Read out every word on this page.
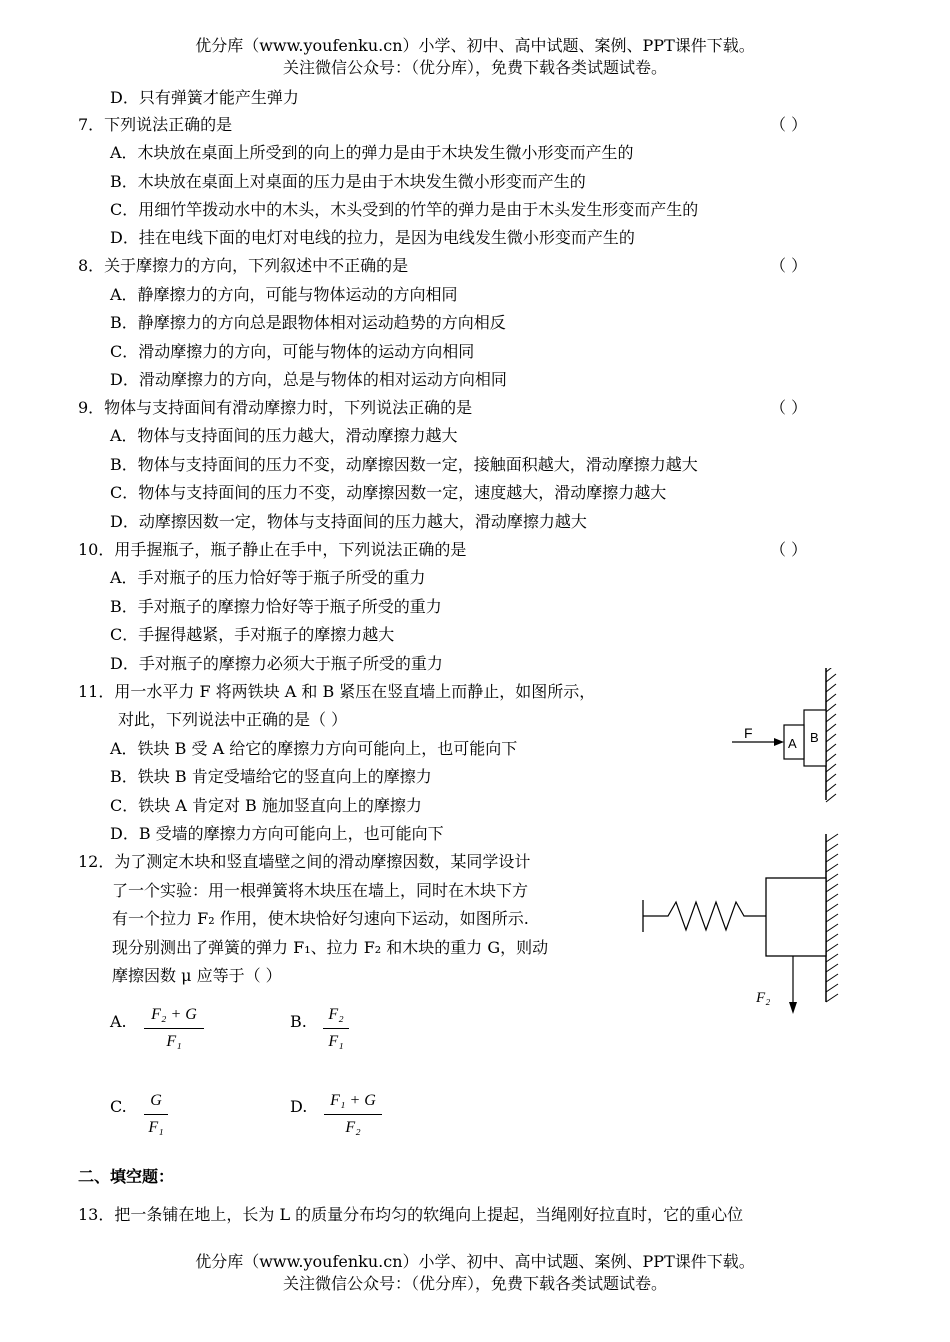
优分库（www.youfenku.cn）小学、初中、高中试题、案例、PPT课件下载。
关注微信公众号：（优分库），免费下载各类试题试卷。
D．只有弹簧才能产生弹力
7．下列说法正确的是	（ ）
A．木块放在桌面上所受到的向上的弹力是由于木块发生微小形变而产生的
B．木块放在桌面上对桌面的压力是由于木块发生微小形变而产生的
C．用细竹竿拨动水中的木头，木头受到的竹竿的弹力是由于木头发生形变而产生的
D．挂在电线下面的电灯对电线的拉力，是因为电线发生微小形变而产生的
8．关于摩擦力的方向，下列叙述中不正确的是	（ ）
A．静摩擦力的方向，可能与物体运动的方向相同
B．静摩擦力的方向总是跟物体相对运动趋势的方向相反
C．滑动摩擦力的方向，可能与物体的运动方向相同
D．滑动摩擦力的方向，总是与物体的相对运动方向相同
9．物体与支持面间有滑动摩擦力时，下列说法正确的是	（ ）
A．物体与支持面间的压力越大，滑动摩擦力越大
B．物体与支持面间的压力不变，动摩擦因数一定，接触面积越大，滑动摩擦力越大
C．物体与支持面间的压力不变，动摩擦因数一定，速度越大，滑动摩擦力越大
D．动摩擦因数一定，物体与支持面间的压力越大，滑动摩擦力越大
10．用手握瓶子，瓶子静止在手中，下列说法正确的是	（ ）
A．手对瓶子的压力恰好等于瓶子所受的重力
B．手对瓶子的摩擦力恰好等于瓶子所受的重力
C．手握得越紧，手对瓶子的摩擦力越大
D．手对瓶子的摩擦力必须大于瓶子所受的重力
11．用一水平力 F 将两铁块 A 和 B 紧压在竖直墙上而静止，如图所示，
对此，下列说法中正确的是（ ）
A．铁块 B 受 A 给它的摩擦力方向可能向上，也可能向下
B．铁块 B 肯定受墙给它的竖直向上的摩擦力
C．铁块 A 肯定对 B 施加竖直向上的摩擦力
D．B 受墙的摩擦力方向可能向上，也可能向下
F
A B
12．为了测定木块和竖直墙壁之间的滑动摩擦因数，某同学设计
了一个实验：用一根弹簧将木块压在墙上，同时在木块下方
有一个拉力 F₂ 作用，使木块恰好匀速向下运动，如图所示.
现分别测出了弹簧的弹力 F₁、拉力 F₂ 和木块的重力 G，则动
摩擦因数 μ 应等于（ ）
F₂
A.	F₂ + G
F₁
B.	F₂
F₁
C.	G
F₁
D.	F₁ + G
F₂
二、填空题：
13．把一条铺在地上，长为 L 的质量分布均匀的软绳向上提起，当绳刚好拉直时，它的重心位
优分库（www.youfenku.cn）小学、初中、高中试题、案例、PPT课件下载。
关注微信公众号：（优分库），免费下载各类试题试卷。
